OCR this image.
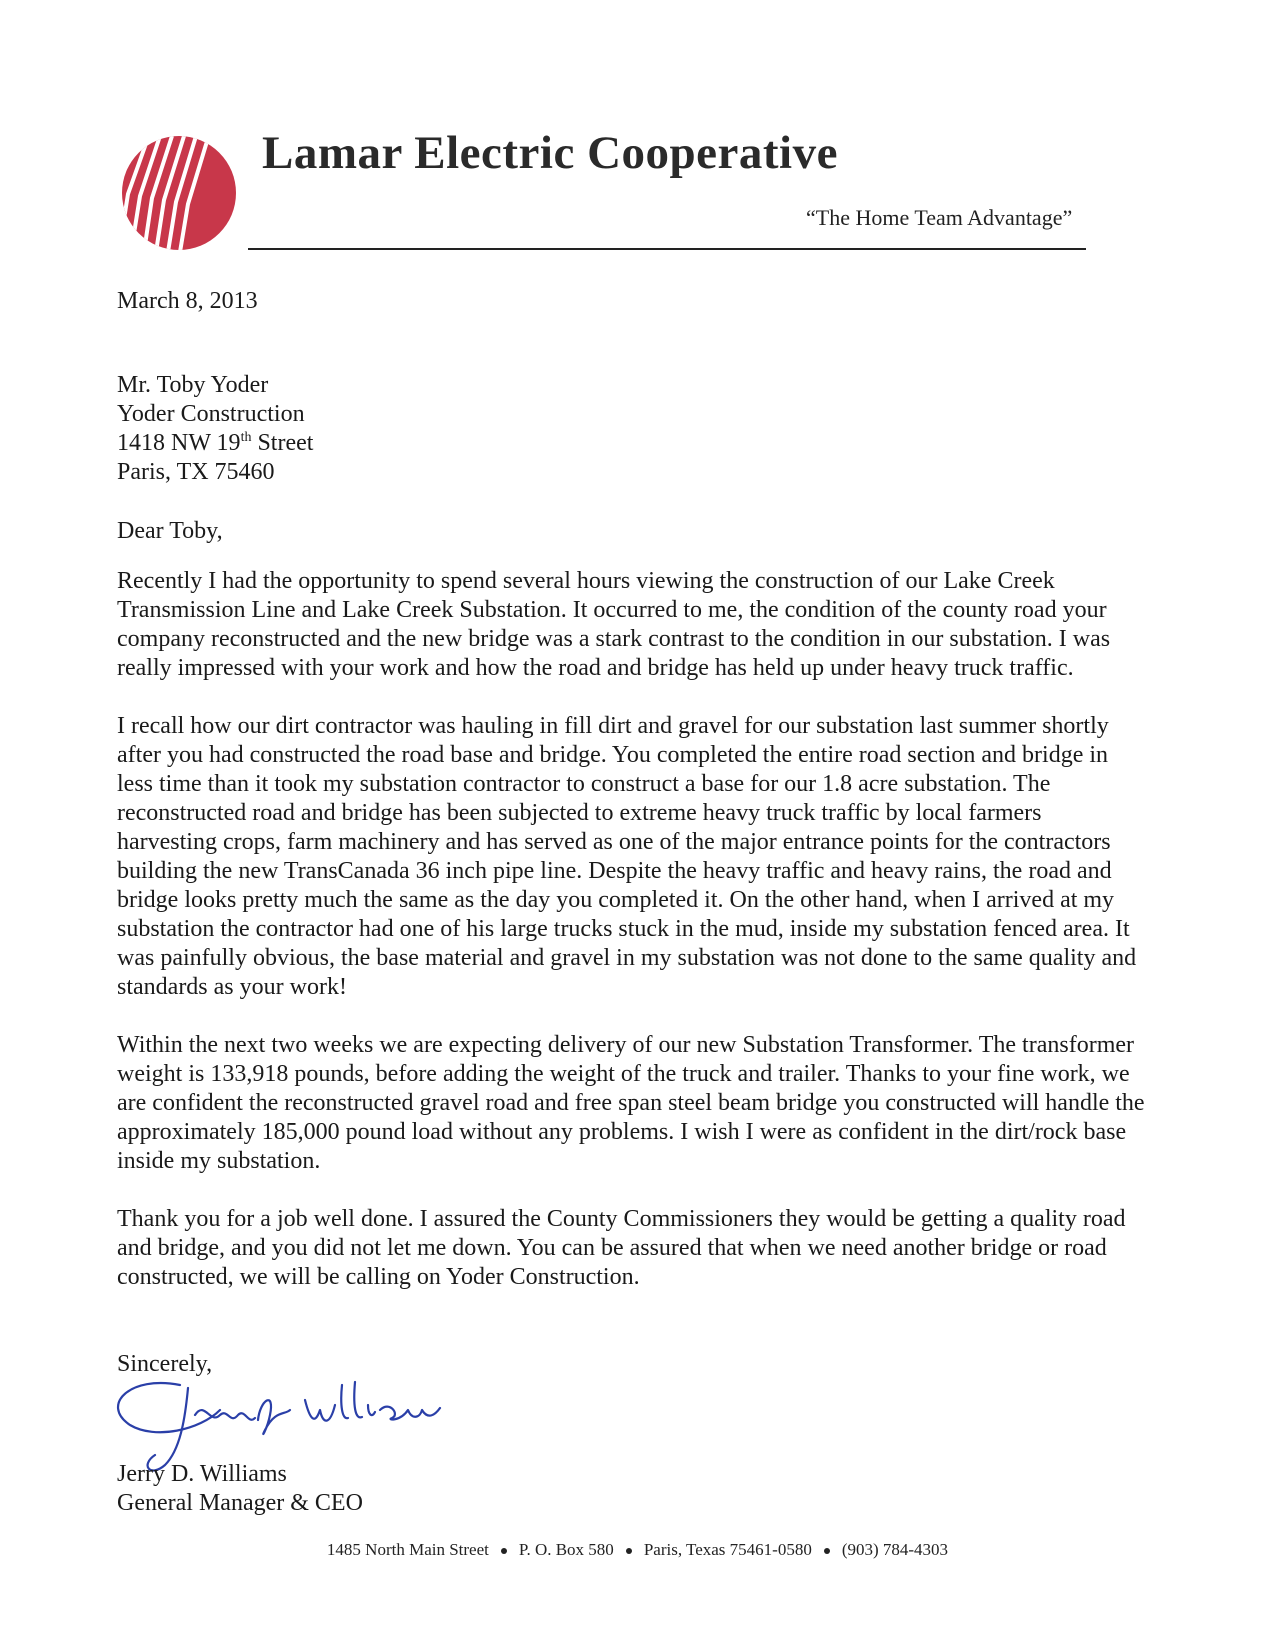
Lamar Electric Cooperative
“The Home Team Advantage”
March 8, 2013
Mr. Toby Yoder
Yoder Construction
1418 NW 19th Street
Paris, TX 75460
Dear Toby,

Recently I had the opportunity to spend several hours viewing the construction of our Lake Creek Transmission Line and Lake Creek Substation. It occurred to me, the condition of the county road your company reconstructed and the new bridge was a stark contrast to the condition in our substation. I was really impressed with your work and how the road and bridge has held up under heavy truck traffic.

I recall how our dirt contractor was hauling in fill dirt and gravel for our substation last summer shortly after you had constructed the road base and bridge. You completed the entire road section and bridge in less time than it took my substation contractor to construct a base for our 1.8 acre substation. The reconstructed road and bridge has been subjected to extreme heavy truck traffic by local farmers harvesting crops, farm machinery and has served as one of the major entrance points for the contractors building the new TransCanada 36 inch pipe line. Despite the heavy traffic and heavy rains, the road and bridge looks pretty much the same as the day you completed it. On the other hand, when I arrived at my substation the contractor had one of his large trucks stuck in the mud, inside my substation fenced area. It was painfully obvious, the base material and gravel in my substation was not done to the same quality and standards as your work!

Within the next two weeks we are expecting delivery of our new Substation Transformer. The transformer weight is 133,918 pounds, before adding the weight of the truck and trailer. Thanks to your fine work, we are confident the reconstructed gravel road and free span steel beam bridge you constructed will handle the approximately 185,000 pound load without any problems. I wish I were as confident in the dirt/rock base inside my substation.

Thank you for a job well done. I assured the County Commissioners they would be getting a quality road and bridge, and you did not let me down. You can be assured that when we need another bridge or road constructed, we will be calling on Yoder Construction.

Sincerely,
Jerry D. Williams
General Manager & CEO
1485 North Main Street P. O. Box 580 Paris, Texas 75461-0580 (903) 784-4303
